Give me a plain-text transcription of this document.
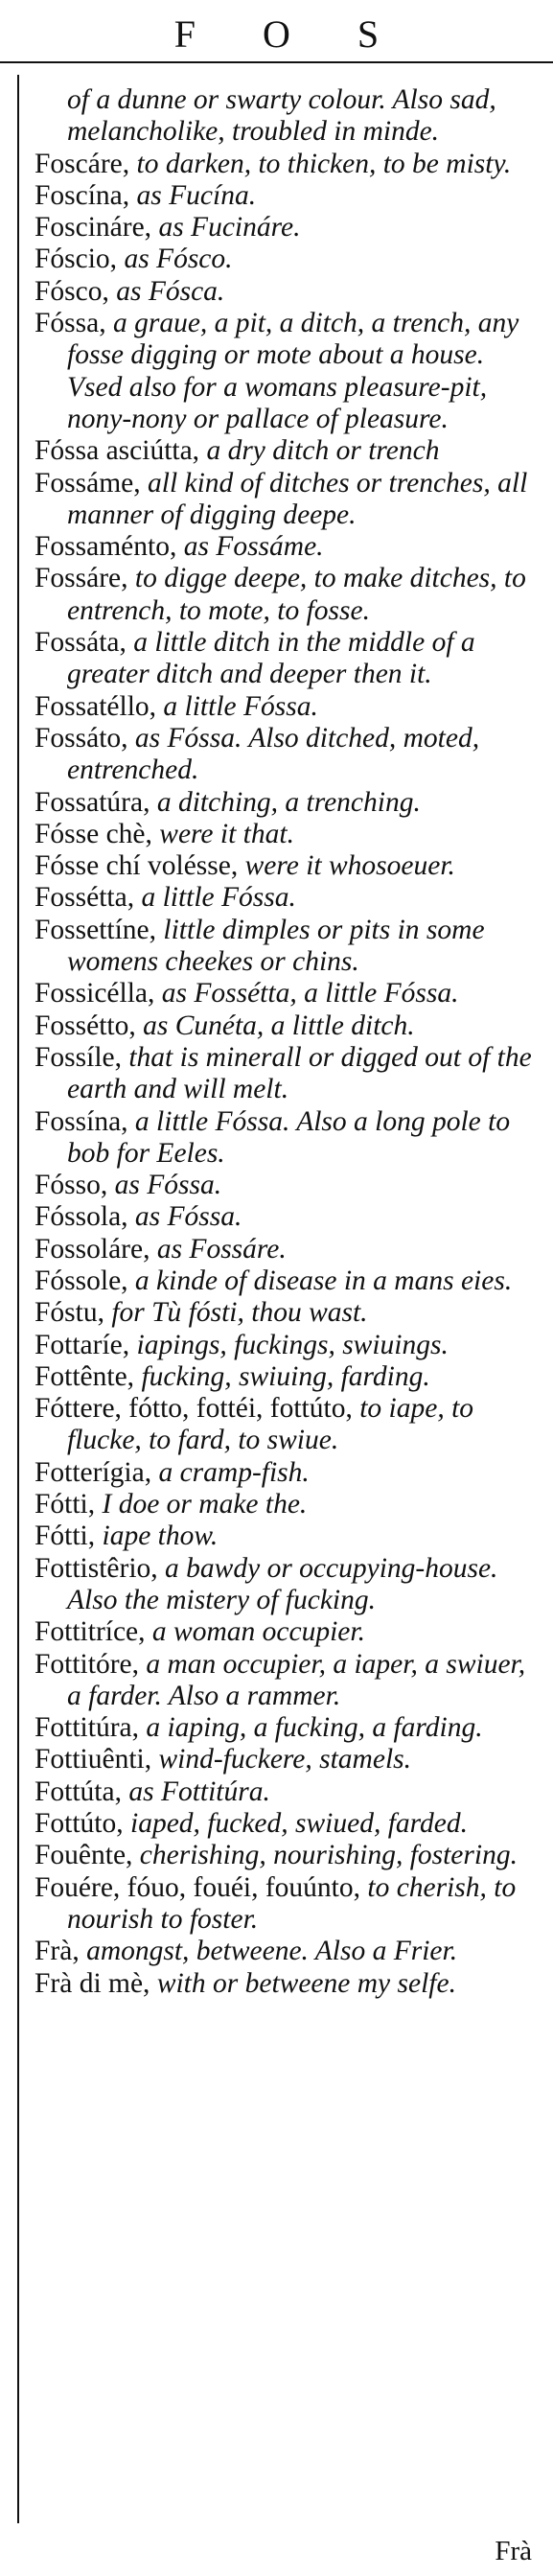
F O S

of a dunne or swarty colour. Also sad, melancholike, troubled in minde.

Foscáre, to darken, to thicken, to be misty.

Foscína, as Fucína.

Foscináre, as Fucináre.

Fóscio, as Fósco.

Fósco, as Fósca.

Fóssa, a graue, a pit, a ditch, a trench, any fosse digging or mote about a house. Vsed also for a womans pleasure-pit, nony-nony or pallace of pleasure.

Fóssa asciútta, a dry ditch or trench

Fossáme, all kind of ditches or trenches, all manner of digging deepe.

Fossaménto, as Fossáme.

Fossáre, to digge deepe, to make ditches, to entrench, to mote, to fosse.

Fossáta, a little ditch in the middle of a greater ditch and deeper then it.

Fossatéllo, a little Fóssa.

Fossáto, as Fóssa. Also ditched, moted, entrenched.

Fossatúra, a ditching, a trenching.

Fósse chè, were it that.

Fósse chí volésse, were it whosoeuer.

Fossétta, a little Fóssa.

Fossettíne, little dimples or pits in some womens cheekes or chins.

Fossicélla, as Fossétta, a little Fóssa.

Fossétto, as Cunéta, a little ditch.

Fossíle, that is minerall or digged out of the earth and will melt.

Fossína, a little Fóssa. Also a long pole to bob for Eeles.

Fósso, as Fóssa.

Fóssola, as Fóssa.

Fossoláre, as Fossáre.

Fóssole, a kinde of disease in a mans eies.

Fóstu, for Tù fósti, thou wast.

Fottaríe, iapings, fuckings, swiuings.

Fottênte, fucking, swiuing, farding.

Fóttere, fótto, fottéi, fottúto, to iape, to flucke, to fard, to swiue.

Fotterígia, a cramp-fish.

Fótti, I doe or make the.

Fótti, iape thow.

Fottistêrio, a bawdy or occupying-house. Also the mistery of fucking.

Fottitríce, a woman occupier.

Fottitóre, a man occupier, a iaper, a swiuer, a farder. Also a rammer.

Fottitúra, a iaping, a fucking, a farding.

Fottiuênti, wind-fuckere, stamels.

Fottúta, as Fottitúra.

Fottúto, iaped, fucked, swiued, farded.

Fouênte, cherishing, nourishing, fostering.

Fouére, fóuo, fouéi, fouúnto, to cherish, to nourish to foster.

Frà, amongst, betweene. Also a Frier.

Frà di mè, with or betweene my selfe.

Frà
